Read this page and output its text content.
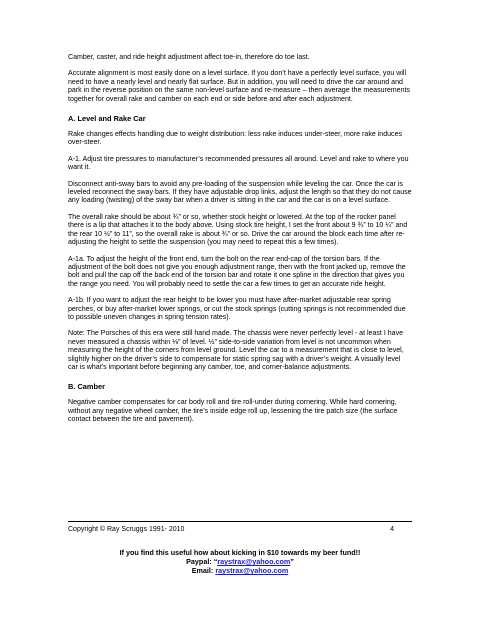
Camber, caster, and ride height adjustment affect toe-in, therefore do toe last.

Accurate alignment is most easily done on a level surface. If you don’t have a perfectly level surface, you will need to have a nearly level and nearly flat surface. But in addition, you will need to drive the car around and park in the reverse position on the same non-level surface and re-measure – then average the measurements together for overall rake and camber on each end or side before and after each adjustment.

A. Level and Rake Car

Rake changes effects handling due to weight distribution: less rake induces under-steer, more rake induces over-steer.

A-1. Adjust tire pressures to manufacturer’s recommended pressures all around. Level and rake to where you want it.

Disconnect anti-sway bars to avoid any pre-loading of the suspension while leveling the car. Once the car is leveled reconnect the sway bars. If they have adjustable drop links, adjust the length so that they do not cause any loading (twisting) of the sway bar when a driver is sitting in the car and the car is on a level surface.

The overall rake should be about ¾” or so, whether stock height or lowered. At the top of the rocker panel there is a lip that attaches it to the body above. Using stock tire height, I set the front about 9 ¾” to 10 ¼” and the rear 10 ½” to 11”, so the overall rake is about ¾” or so. Drive the car around the block each time after re-adjusting the height to settle the suspension (you may need to repeat this a few times).

A-1a. To adjust the height of the front end, turn the bolt on the rear end-cap of the torsion bars. If the adjustment of the bolt does not give you enough adjustment range, then with the front jacked up, remove the bolt and pull the cap off the back end of the torsion bar and rotate it one spline in the direction that gives you the range you need. You will probably need to settle the car a few times to get an accurate ride height.

A-1b. If you want to adjust the rear height to be lower you must have after-market adjustable rear spring perches, or buy after-market lower springs, or cut the stock springs (cutting springs is not recommended due to possible uneven changes in spring tension rates).

Note: The Porsches of this era were still hand made. The chassis were never perfectly level - at least I have never measured a chassis within ⅛” of level. ½” side-to-side variation from level is not uncommon when measuring the height of the corners from level ground. Level the car to a measurement that is close to level, slightly higher on the driver’s side to compensate for static spring sag with a driver’s weight. A visually level car is what’s important before beginning any camber, toe, and corner-balance adjustments.

B. Camber

Negative camber compensates for car body roll and tire roll-under during cornering. While hard cornering, without any negative wheel camber, the tire’s inside edge roll up, lessening the tire patch size (the surface contact between the tire and pavement).

Copyright © Ray Scruggs 1991- 2010	4
If you find this useful how about kicking in $10 towards my beer fund!!
Paypal: “raystrax@yahoo.com”
Email: raystrax@yahoo.com
